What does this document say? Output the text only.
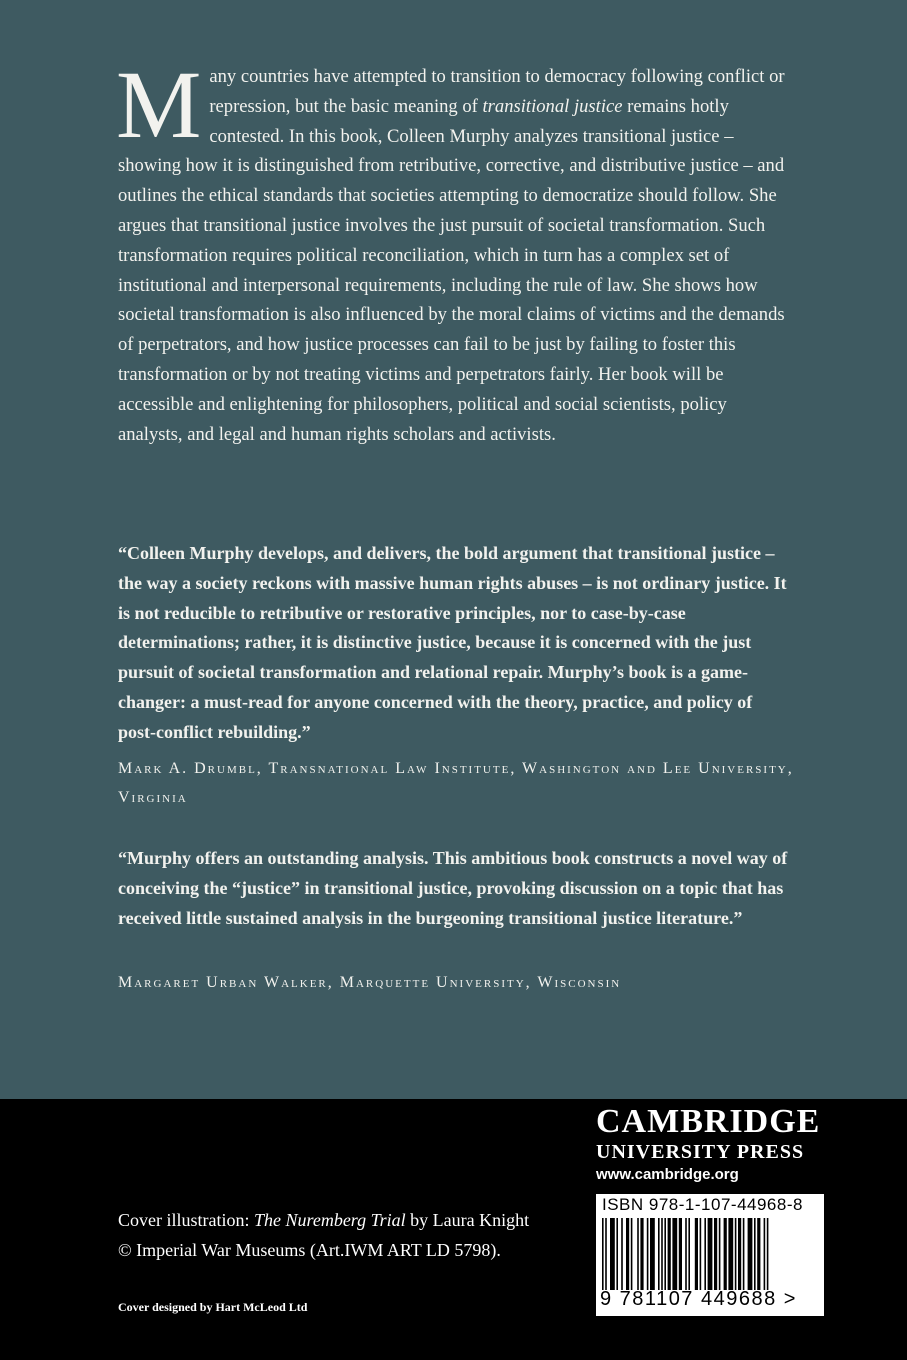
Many countries have attempted to transition to democracy following conflict or repression, but the basic meaning of transitional justice remains hotly contested. In this book, Colleen Murphy analyzes transitional justice – showing how it is distinguished from retributive, corrective, and distributive justice – and outlines the ethical standards that societies attempting to democratize should follow. She argues that transitional justice involves the just pursuit of societal transformation. Such transformation requires political reconciliation, which in turn has a complex set of institutional and interpersonal requirements, including the rule of law. She shows how societal transformation is also influenced by the moral claims of victims and the demands of perpetrators, and how justice processes can fail to be just by failing to foster this transformation or by not treating victims and perpetrators fairly. Her book will be accessible and enlightening for philosophers, political and social scientists, policy analysts, and legal and human rights scholars and activists.
“Colleen Murphy develops, and delivers, the bold argument that transitional justice – the way a society reckons with massive human rights abuses – is not ordinary justice. It is not reducible to retributive or restorative principles, nor to case-by-case determinations; rather, it is distinctive justice, because it is concerned with the just pursuit of societal transformation and relational repair. Murphy’s book is a game-changer: a must-read for anyone concerned with the theory, practice, and policy of post-conflict rebuilding.”
Mark A. Drumbl, Transnational Law Institute, Washington and Lee University, Virginia
“Murphy offers an outstanding analysis. This ambitious book constructs a novel way of conceiving the “justice” in transitional justice, provoking discussion on a topic that has received little sustained analysis in the burgeoning transitional justice literature.”
Margaret Urban Walker, Marquette University, Wisconsin
CAMBRIDGE
UNIVERSITY PRESS
www.cambridge.org
Cover illustration: The Nuremberg Trial by Laura Knight
© Imperial War Museums (Art.IWM ART LD 5798).
Cover designed by Hart McLeod Ltd
ISBN 978-1-107-44968-8
9 781107 449688 >
